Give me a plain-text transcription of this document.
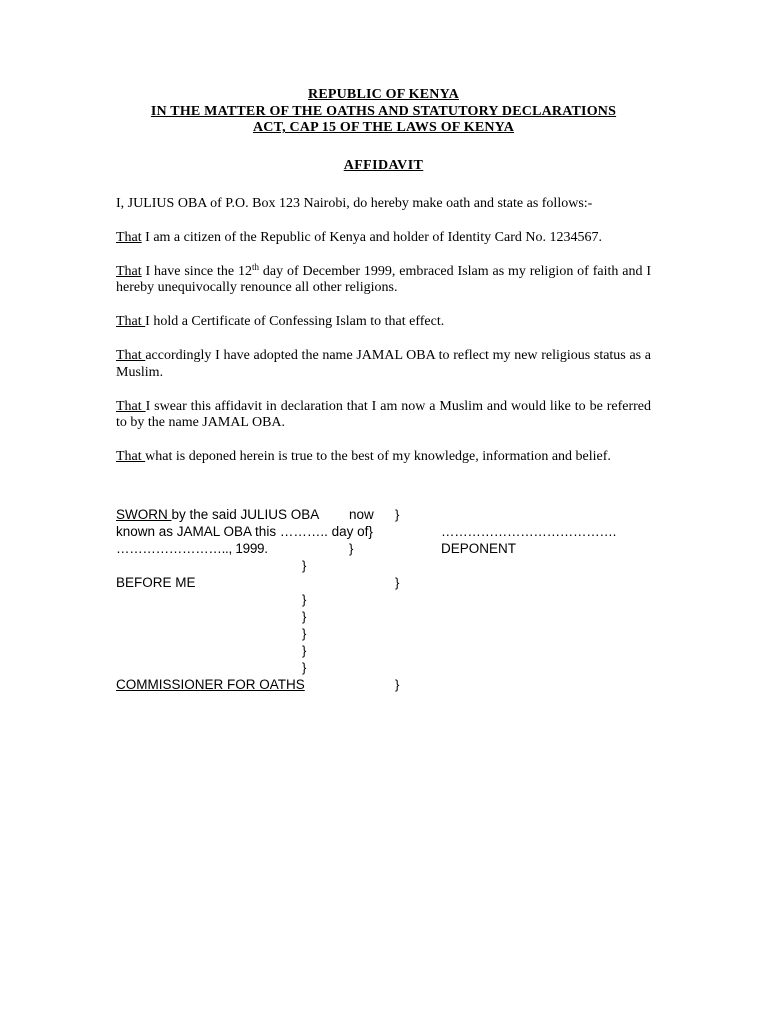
REPUBLIC OF KENYA
IN THE MATTER OF THE OATHS AND STATUTORY DECLARATIONS
ACT, CAP 15 OF THE LAWS OF KENYA
AFFIDAVIT

I, JULIUS OBA of P.O. Box 123 Nairobi, do hereby make oath and state as follows:-

That I am a citizen of the Republic of Kenya and holder of Identity Card No. 1234567.

That I have since the 12th day of December 1999, embraced Islam as my religion of faith and I hereby unequivocally renounce all other religions.

That I hold a Certificate of Confessing Islam to that effect.

That accordingly I have adopted the name JAMAL OBA to reflect my new religious status as a Muslim.

That I swear this affidavit in declaration that I am now a Muslim and would like to be referred to by the name JAMAL OBA.

That what is deponed herein is true to the best of my knowledge, information and belief.

SWORN by the said JULIUS OBA now }
known as JAMAL OBA this ……….. day of}	………………………………….
…………………….., 1999.	}	DEPONENT
}
BEFORE ME	}
}
}
}
}
}
COMMISSIONER FOR OATHS	}
